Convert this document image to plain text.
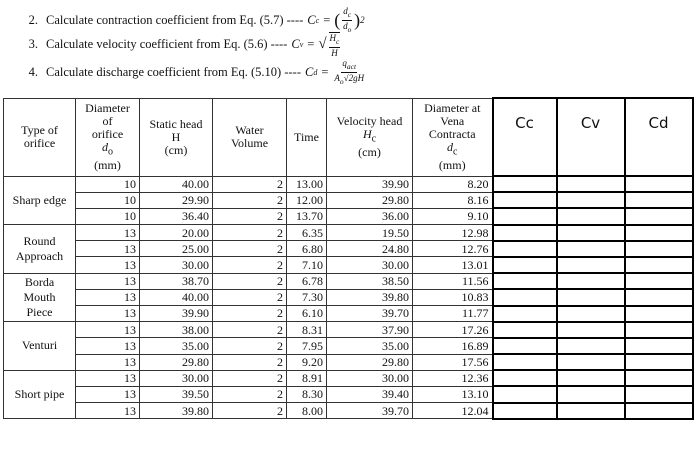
2. Calculate contraction coefficient from Eq. (5.7) ---- C c = ( $\frac{d_c}{d_o}$ ) 2
3. Calculate velocity coefficient from Eq. (5.6) ---- C v = √ $\frac{H_c}{H}$
4. Calculate discharge coefficient from Eq. (5.10) ---- C $d = \frac{q_{act}}{A_o√2gH}$
Type of
orifice	Diameter
of
orifice
$d_o$
(mm)	Static head
H
(cm)	Water
Volume	Time	Velocity head
$H_c$
(cm)	Diameter at
Vena
Contracta
$d_c$
(mm)	Cc	Cv	Cd
Sharp edge	10	40.00	2	13.00	39.90	8.20			
	10	29.90	2	12.00	29.80	8.16			
	10	36.40	2	13.70	36.00	9.10			
Round
Approach	13	20.00	2	6.35	19.50	12.98			
	13	25.00	2	6.80	24.80	12.76			
	13	30.00	2	7.10	30.00	13.01			
Borda
Mouth
Piece	13	38.70	2	6.78	38.50	11.56			
	13	40.00	2	7.30	39.80	10.83			
	13	39.90	2	6.10	39.70	11.77			
Venturi	13	38.00	2	8.31	37.90	17.26			
	13	35.00	2	7.95	35.00	16.89			
	13	29.80	2	9.20	29.80	17.56			
Short pipe	13	30.00	2	8.91	30.00	12.36			
	13	39.50	2	8.30	39.40	13.10			
	13	39.80	2	8.00	39.70	12.04			
